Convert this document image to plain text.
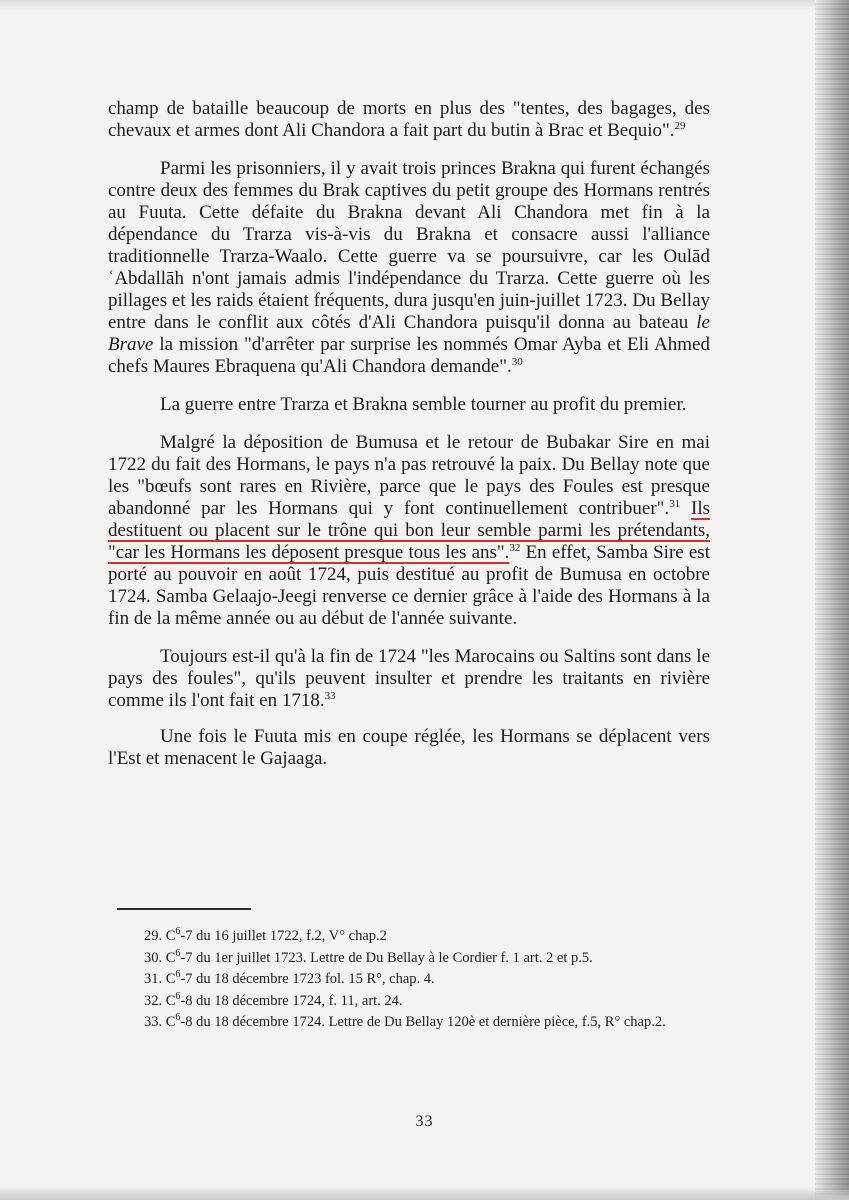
champ de bataille beaucoup de morts en plus des "tentes, des bagages, des chevaux et armes dont Ali Chandora a fait part du butin à Brac et Bequio".$^{29}$

Parmi les prisonniers, il y avait trois princes Brakna qui furent échangés contre deux des femmes du Brak captives du petit groupe des Hormans rentrés au Fuuta. Cette défaite du Brakna devant Ali Chandora met fin à la dépendance du Trarza vis-à-vis du Brakna et consacre aussi l'alliance traditionnelle Trarza-Waalo. Cette guerre va se poursuivre, car les Oulād ʿAbdallāh n'ont jamais admis l'indépendance du Trarza. Cette guerre où les pillages et les raids étaient fréquents, dura jusqu'en juin-juillet 1723. Du Bellay entre dans le conflit aux côtés d'Ali Chandora puisqu'il donna au bateau le Brave la mission "d'arrêter par surprise les nommés Omar Ayba et Eli Ahmed chefs Maures Ebraquena qu'Ali Chandora demande".$^{30}$

La guerre entre Trarza et Brakna semble tourner au profit du premier.

Malgré la déposition de Bumusa et le retour de Bubakar Sire en mai 1722 du fait des Hormans, le pays n'a pas retrouvé la paix. Du Bellay note que les "bœufs sont rares en Rivière, parce que le pays des Foules est presque abandonné par les Hormans qui y font continuellement contribuer".$^{31}$ Ils destituent ou placent sur le trône qui bon leur semble parmi les prétendants, "car les Hormans les déposent presque tous les ans".$^{32}$ En effet, Samba Sire est porté au pouvoir en août 1724, puis destitué au profit de Bumusa en octobre 1724. Samba Gelaajo-Jeegi renverse ce dernier grâce à l'aide des Hormans à la fin de la même année ou au début de l'année suivante.

Toujours est-il qu'à la fin de 1724 "les Marocains ou Saltins sont dans le pays des foules", qu'ils peuvent insulter et prendre les traitants en rivière comme ils l'ont fait en 1718.33

Une fois le Fuuta mis en coupe réglée, les Hormans se déplacent vers l'Est et menacent le Gajaaga.

29. $C^6-7$ du 16 juillet 1722, f.2, V° chap.2

30. $C^6-7$ du 1er juillet 1723. Lettre de Du Bellay à le Cordier f. 1 art. 2 et p.5.

31. $C^6-7$ du 18 décembre 1723 fol. 15 R°, chap. 4.

32. $C^6-8$ du 18 décembre 1724, f. 11, art. 24.

33. $C^6-8$ du 18 décembre 1724. Lettre de Du Bellay 120è et dernière pièce, f.5, R° chap.2.

33
